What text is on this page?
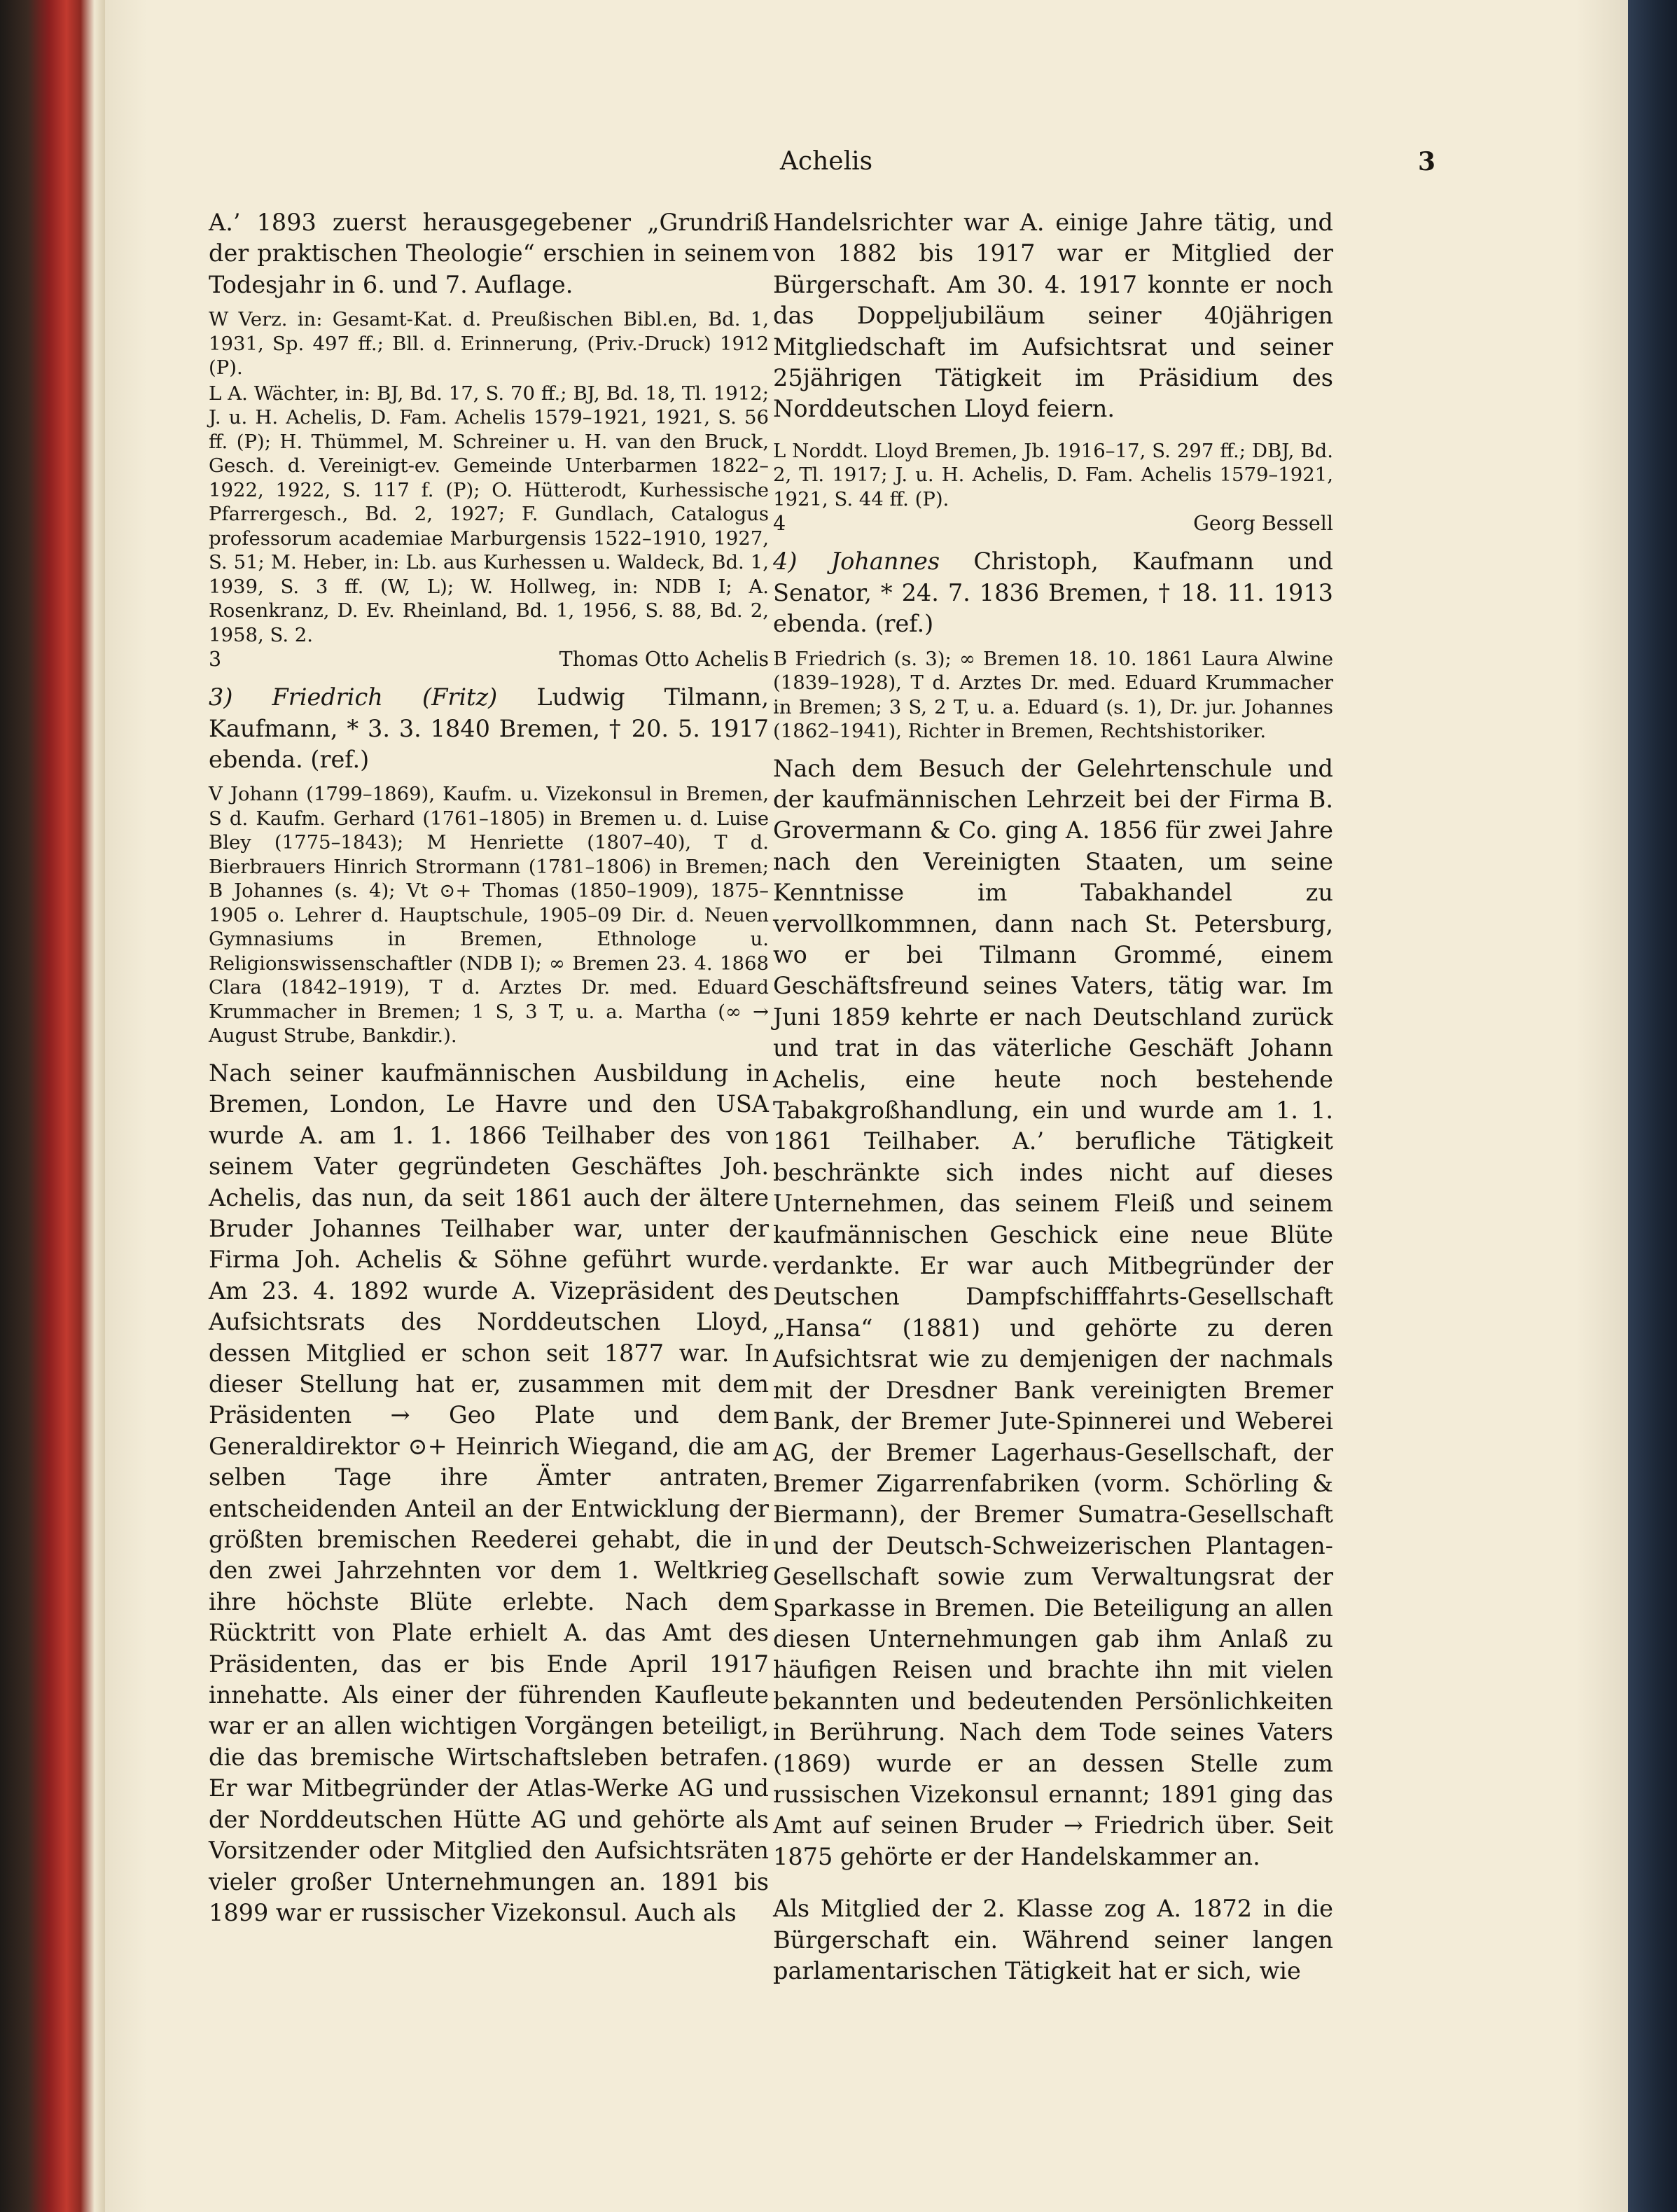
Achelis	3

A.’ 1893 zuerst herausgegebener „Grundriß der praktischen Theologie“ erschien in seinem Todesjahr in 6. und 7. Auflage.

W Verz. in: Gesamt-Kat. d. Preußischen Bibl.en, Bd. 1, 1931, Sp. 497 ff.; Bll. d. Erinnerung, (Priv.-Druck) 1912 (P).

L A. Wächter, in: BJ, Bd. 17, S. 70 ff.; BJ, Bd. 18, Tl. 1912; J. u. H. Achelis, D. Fam. Achelis 1579–1921, 1921, S. 56 ff. (P); H. Thümmel, M. Schreiner u. H. van den Bruck, Gesch. d. Vereinigt-ev. Gemeinde Unterbarmen 1822–1922, 1922, S. 117 f. (P); O. Hütterodt, Kurhessische Pfarrergesch., Bd. 2, 1927; F. Gundlach, Catalogus professorum academiae Marburgensis 1522–1910, 1927, S. 51; M. Heber, in: Lb. aus Kurhessen u. Waldeck, Bd. 1, 1939, S. 3 ff. (W, L); W. Hollweg, in: NDB I; A. Rosenkranz, D. Ev. Rheinland, Bd. 1, 1956, S. 88, Bd. 2, 1958, S. 2.

3	Thomas Otto Achelis

3) Friedrich (Fritz) Ludwig Tilmann, Kaufmann, * 3. 3. 1840 Bremen, † 20. 5. 1917 ebenda. (ref.)

V Johann (1799–1869), Kaufm. u. Vizekonsul in Bremen, S d. Kaufm. Gerhard (1761–1805) in Bremen u. d. Luise Bley (1775–1843); M Henriette (1807–40), T d. Bierbrauers Hinrich Strormann (1781–1806) in Bremen; B Johannes (s. 4); Vt ⊙+ Thomas (1850–1909), 1875–1905 o. Lehrer d. Hauptschule, 1905–09 Dir. d. Neuen Gymnasiums in Bremen, Ethnologe u. Religionswissenschaftler (NDB I); ∞ Bremen 23. 4. 1868 Clara (1842–1919), T d. Arztes Dr. med. Eduard Krummacher in Bremen; 1 S, 3 T, u. a. Martha (∞ → August Strube, Bankdir.).

Nach seiner kaufmännischen Ausbildung in Bremen, London, Le Havre und den USA wurde A. am 1. 1. 1866 Teilhaber des von seinem Vater gegründeten Geschäftes Joh. Achelis, das nun, da seit 1861 auch der ältere Bruder Johannes Teilhaber war, unter der Firma Joh. Achelis & Söhne geführt wurde. Am 23. 4. 1892 wurde A. Vizepräsident des Aufsichtsrats des Norddeutschen Lloyd, dessen Mitglied er schon seit 1877 war. In dieser Stellung hat er, zusammen mit dem Präsidenten → Geo Plate und dem Generaldirektor ⊙+ Heinrich Wiegand, die am selben Tage ihre Ämter antraten, entscheidenden Anteil an der Entwicklung der größten bremischen Reederei gehabt, die in den zwei Jahrzehnten vor dem 1. Weltkrieg ihre höchste Blüte erlebte. Nach dem Rücktritt von Plate erhielt A. das Amt des Präsidenten, das er bis Ende April 1917 innehatte. Als einer der führenden Kaufleute war er an allen wichtigen Vorgängen beteiligt, die das bremische Wirtschaftsleben betrafen. Er war Mitbegründer der Atlas-Werke AG und der Norddeutschen Hütte AG und gehörte als Vorsitzender oder Mitglied den Aufsichtsräten vieler großer Unternehmungen an. 1891 bis 1899 war er russischer Vizekonsul. Auch als

Handelsrichter war A. einige Jahre tätig, und von 1882 bis 1917 war er Mitglied der Bürgerschaft. Am 30. 4. 1917 konnte er noch das Doppeljubiläum seiner 40jährigen Mitgliedschaft im Aufsichtsrat und seiner 25jährigen Tätigkeit im Präsidium des Norddeutschen Lloyd feiern.

L Norddt. Lloyd Bremen, Jb. 1916–17, S. 297 ff.; DBJ, Bd. 2, Tl. 1917; J. u. H. Achelis, D. Fam. Achelis 1579–1921, 1921, S. 44 ff. (P).

4	Georg Bessell

4) Johannes Christoph, Kaufmann und Senator, * 24. 7. 1836 Bremen, † 18. 11. 1913 ebenda. (ref.)

B Friedrich (s. 3); ∞ Bremen 18. 10. 1861 Laura Alwine (1839–1928), T d. Arztes Dr. med. Eduard Krummacher in Bremen; 3 S, 2 T, u. a. Eduard (s. 1), Dr. jur. Johannes (1862–1941), Richter in Bremen, Rechtshistoriker.

Nach dem Besuch der Gelehrtenschule und der kaufmännischen Lehrzeit bei der Firma B. Grovermann & Co. ging A. 1856 für zwei Jahre nach den Vereinigten Staaten, um seine Kenntnisse im Tabakhandel zu vervollkommnen, dann nach St. Petersburg, wo er bei Tilmann Grommé, einem Geschäftsfreund seines Vaters, tätig war. Im Juni 1859 kehrte er nach Deutschland zurück und trat in das väterliche Geschäft Johann Achelis, eine heute noch bestehende Tabakgroßhandlung, ein und wurde am 1. 1. 1861 Teilhaber. A.’ berufliche Tätigkeit beschränkte sich indes nicht auf dieses Unternehmen, das seinem Fleiß und seinem kaufmännischen Geschick eine neue Blüte verdankte. Er war auch Mitbegründer der Deutschen Dampfschifffahrts-Gesellschaft „Hansa“ (1881) und gehörte zu deren Aufsichtsrat wie zu demjenigen der nachmals mit der Dresdner Bank vereinigten Bremer Bank, der Bremer Jute-Spinnerei und Weberei AG, der Bremer Lagerhaus-Gesellschaft, der Bremer Zigarrenfabriken (vorm. Schörling & Biermann), der Bremer Sumatra-Gesellschaft und der Deutsch-Schweizerischen Plantagen-Gesellschaft sowie zum Verwaltungsrat der Sparkasse in Bremen. Die Beteiligung an allen diesen Unternehmungen gab ihm Anlaß zu häufigen Reisen und brachte ihn mit vielen bekannten und bedeutenden Persönlichkeiten in Berührung. Nach dem Tode seines Vaters (1869) wurde er an dessen Stelle zum russischen Vizekonsul ernannt; 1891 ging das Amt auf seinen Bruder → Friedrich über. Seit 1875 gehörte er der Handelskammer an.

Als Mitglied der 2. Klasse zog A. 1872 in die Bürgerschaft ein. Während seiner langen parlamentarischen Tätigkeit hat er sich, wie
